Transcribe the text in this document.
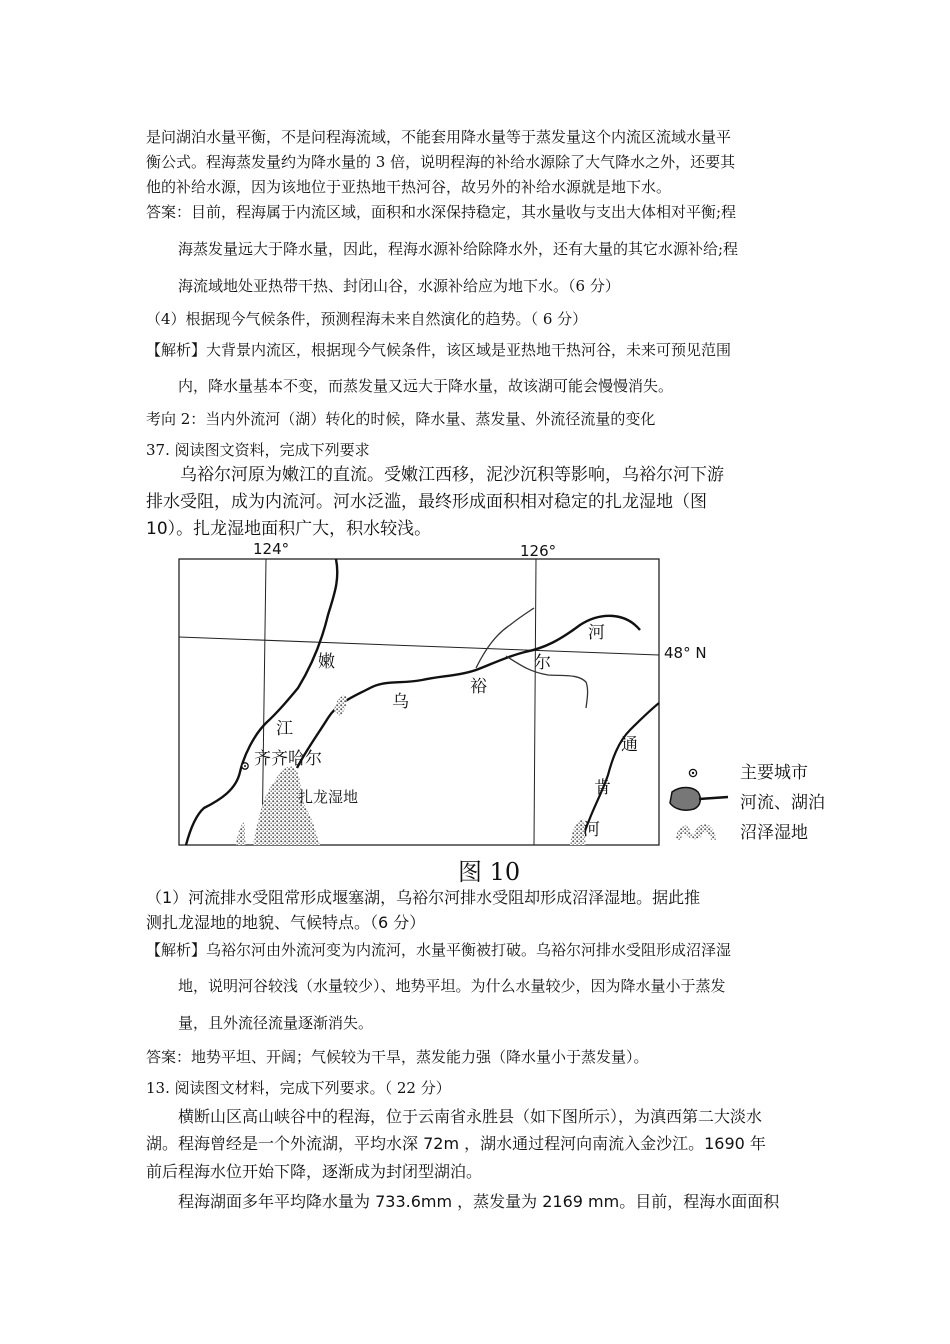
是问湖泊水量平衡，不是问程海流域，不能套用降水量等于蒸发量这个内流区流域水量平
衡公式。程海蒸发量约为降水量的 3 倍，说明程海的补给水源除了大气降水之外，还要其
他的补给水源，因为该地位于亚热地干热河谷，故另外的补给水源就是地下水。
答案：目前，程海属于内流区域，面积和水深保持稳定，其水量收与支出大体相对平衡;程
海蒸发量远大于降水量，因此，程海水源补给除降水外，还有大量的其它水源补给;程
海流域地处亚热带干热、封闭山谷，水源补给应为地下水。（6 分）
（4）根据现今气候条件，预测程海未来自然演化的趋势。（ 6 分）
【解析】大背景内流区，根据现今气候条件，该区域是亚热地干热河谷，未来可预见范围
内，降水量基本不变，而蒸发量又远大于降水量，故该湖可能会慢慢消失。
考向 2：当内外流河（湖）转化的时候，降水量、蒸发量、外流径流量的变化
37. 阅读图文资料，完成下列要求
乌裕尔河原为嫩江的直流。受嫩江西移，泥沙沉积等影响，乌裕尔河下游
排水受阻，成为内流河。河水泛滥，最终形成面积相对稳定的扎龙湿地（图
10）。扎龙湿地面积广大，积水较浅。
124°	126°
48° N
嫩
江
乌
裕
尔
河
通
肯
河
齐齐哈尔
扎龙湿地
主要城市
河流、湖泊
沼泽湿地
图 10
（1）河流排水受阻常形成堰塞湖，乌裕尔河排水受阻却形成沼泽湿地。据此推
测扎龙湿地的地貌、气候特点。（6 分）
【解析】乌裕尔河由外流河变为内流河，水量平衡被打破。乌裕尔河排水受阻形成沼泽湿
地，说明河谷较浅（水量较少）、地势平坦。为什么水量较少，因为降水量小于蒸发
量，且外流径流量逐渐消失。
答案：地势平坦、开阔；气候较为干旱，蒸发能力强（降水量小于蒸发量）。
13. 阅读图文材料，完成下列要求。（ 22 分）
横断山区高山峡谷中的程海，位于云南省永胜县（如下图所示），为滇西第二大淡水
湖。程海曾经是一个外流湖，平均水深 72m ，湖水通过程河向南流入金沙江。1690 年
前后程海水位开始下降，逐渐成为封闭型湖泊。
程海湖面多年平均降水量为 733.6mm ，蒸发量为 2169 mm。目前，程海水面面积
